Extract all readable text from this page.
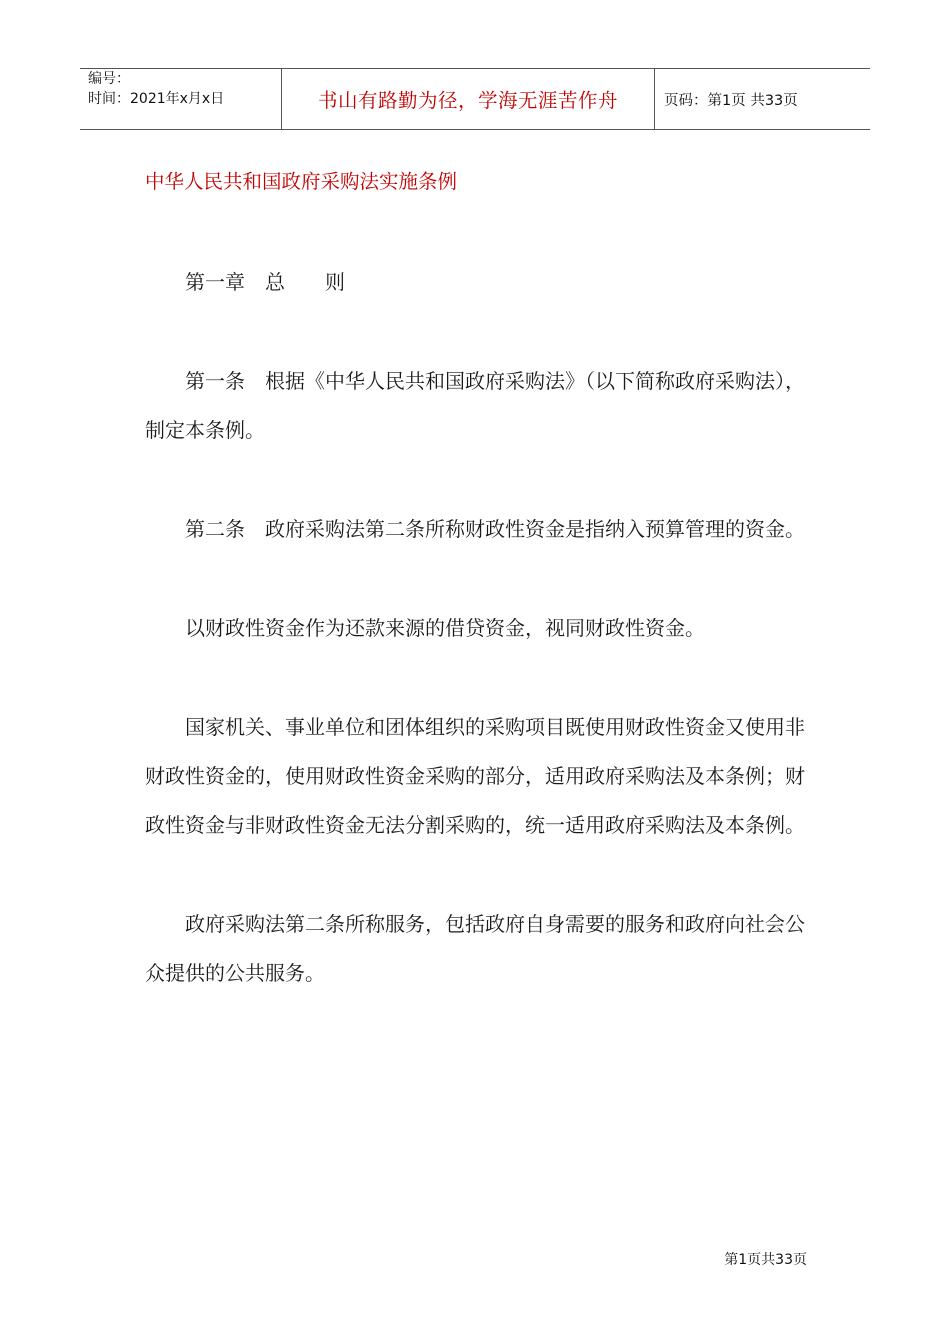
编号：
时间：2021年x月x日	书山有路勤为径，学海无涯苦作舟	页码：第1页 共33页
中华人民共和国政府采购法实施条例

第一章　总　　则

第一条　根据《中华人民共和国政府采购法》（以下简称政府采购法），制定本条例。

第二条　政府采购法第二条所称财政性资金是指纳入预算管理的资金。

以财政性资金作为还款来源的借贷资金，视同财政性资金。

国家机关、事业单位和团体组织的采购项目既使用财政性资金又使用非财政性资金的，使用财政性资金采购的部分，适用政府采购法及本条例；财政性资金与非财政性资金无法分割采购的，统一适用政府采购法及本条例。

政府采购法第二条所称服务，包括政府自身需要的服务和政府向社会公众提供的公共服务。

第1页共33页
